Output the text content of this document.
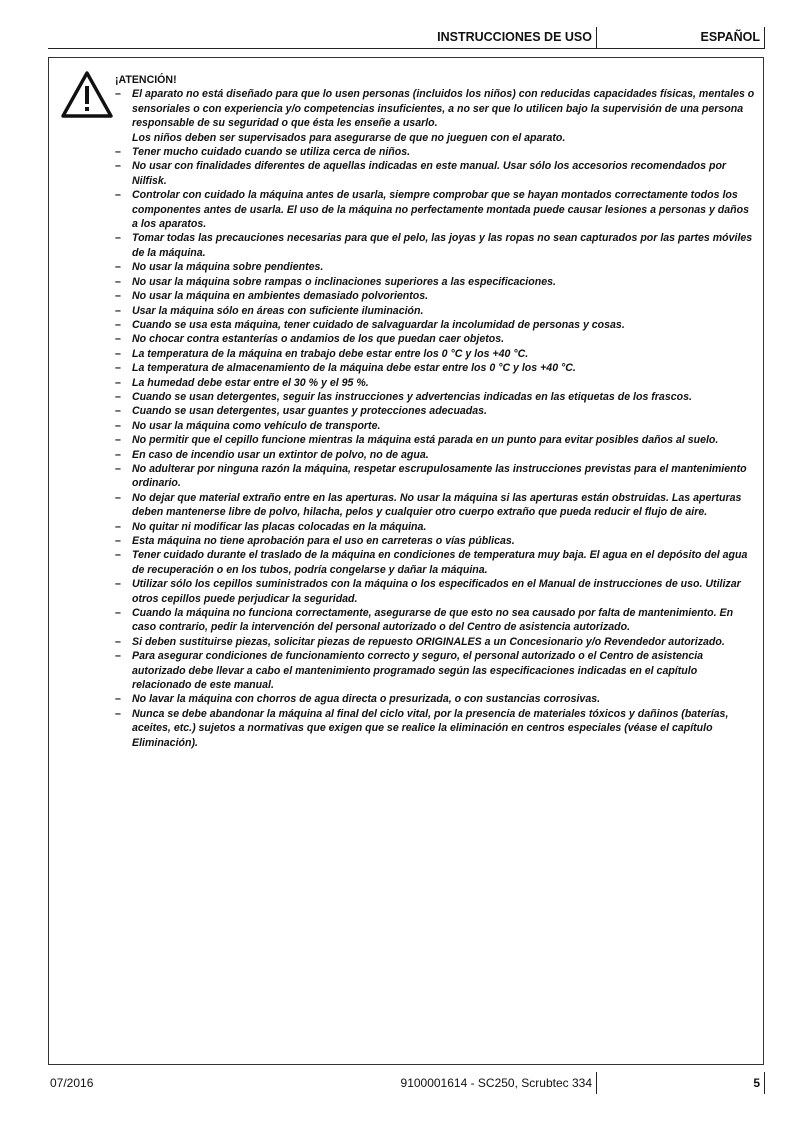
INSTRUCCIONES DE USO	ESPAÑOL
¡ATENCIÓN!
–	El aparato no está diseñado para que lo usen personas (incluidos los niños) con reducidas capacidades físicas, mentales o sensoriales o con experiencia y/o competencias insuficientes, a no ser que lo utilicen bajo la supervisión de una persona responsable de su seguridad o que ésta les enseñe a usarlo.
Los niños deben ser supervisados para asegurarse de que no jueguen con el aparato.
–	Tener mucho cuidado cuando se utiliza cerca de niños.
–	No usar con finalidades diferentes de aquellas indicadas en este manual. Usar sólo los accesorios recomendados por Nilfisk.
–	Controlar con cuidado la máquina antes de usarla, siempre comprobar que se hayan montados correctamente todos los componentes antes de usarla. El uso de la máquina no perfectamente montada puede causar lesiones a personas y daños a los aparatos.
–	Tomar todas las precauciones necesarias para que el pelo, las joyas y las ropas no sean capturados por las partes móviles de la máquina.
–	No usar la máquina sobre pendientes.
–	No usar la máquina sobre rampas o inclinaciones superiores a las especificaciones.
–	No usar la máquina en ambientes demasiado polvorientos.
–	Usar la máquina sólo en áreas con suficiente iluminación.
–	Cuando se usa esta máquina, tener cuidado de salvaguardar la incolumidad de personas y cosas.
–	No chocar contra estanterías o andamios de los que puedan caer objetos.
–	La temperatura de la máquina en trabajo debe estar entre los 0 °C y los +40 °C.
–	La temperatura de almacenamiento de la máquina debe estar entre los 0 °C y los +40 °C.
–	La humedad debe estar entre el 30 % y el 95 %.
–	Cuando se usan detergentes, seguir las instrucciones y advertencias indicadas en las etiquetas de los frascos.
–	Cuando se usan detergentes, usar guantes y protecciones adecuadas.
–	No usar la máquina como vehículo de transporte.
–	No permitir que el cepillo funcione mientras la máquina está parada en un punto para evitar posibles daños al suelo.
–	En caso de incendio usar un extintor de polvo, no de agua.
–	No adulterar por ninguna razón la máquina, respetar escrupulosamente las instrucciones previstas para el mantenimiento ordinario.
–	No dejar que material extraño entre en las aperturas. No usar la máquina si las aperturas están obstruidas. Las aperturas deben mantenerse libre de polvo, hilacha, pelos y cualquier otro cuerpo extraño que pueda reducir el flujo de aire.
–	No quitar ni modificar las placas colocadas en la máquina.
–	Esta máquina no tiene aprobación para el uso en carreteras o vías públicas.
–	Tener cuidado durante el traslado de la máquina en condiciones de temperatura muy baja. El agua en el depósito del agua de recuperación o en los tubos, podría congelarse y dañar la máquina.
–	Utilizar sólo los cepillos suministrados con la máquina o los especificados en el Manual de instrucciones de uso. Utilizar otros cepillos puede perjudicar la seguridad.
–	Cuando la máquina no funciona correctamente, asegurarse de que esto no sea causado por falta de mantenimiento. En caso contrario, pedir la intervención del personal autorizado o del Centro de asistencia autorizado.
–	Si deben sustituirse piezas, solicitar piezas de repuesto ORIGINALES a un Concesionario y/o Revendedor autorizado.
–	Para asegurar condiciones de funcionamiento correcto y seguro, el personal autorizado o el Centro de asistencia autorizado debe llevar a cabo el mantenimiento programado según las especificaciones indicadas en el capítulo relacionado de este manual.
–	No lavar la máquina con chorros de agua directa o presurizada, o con sustancias corrosivas.
–	Nunca se debe abandonar la máquina al final del ciclo vital, por la presencia de materiales tóxicos y dañinos (baterías, aceites, etc.) sujetos a normativas que exigen que se realice la eliminación en centros especiales (véase el capítulo Eliminación).
07/2016	9100001614 - SC250, Scrubtec 334	5
